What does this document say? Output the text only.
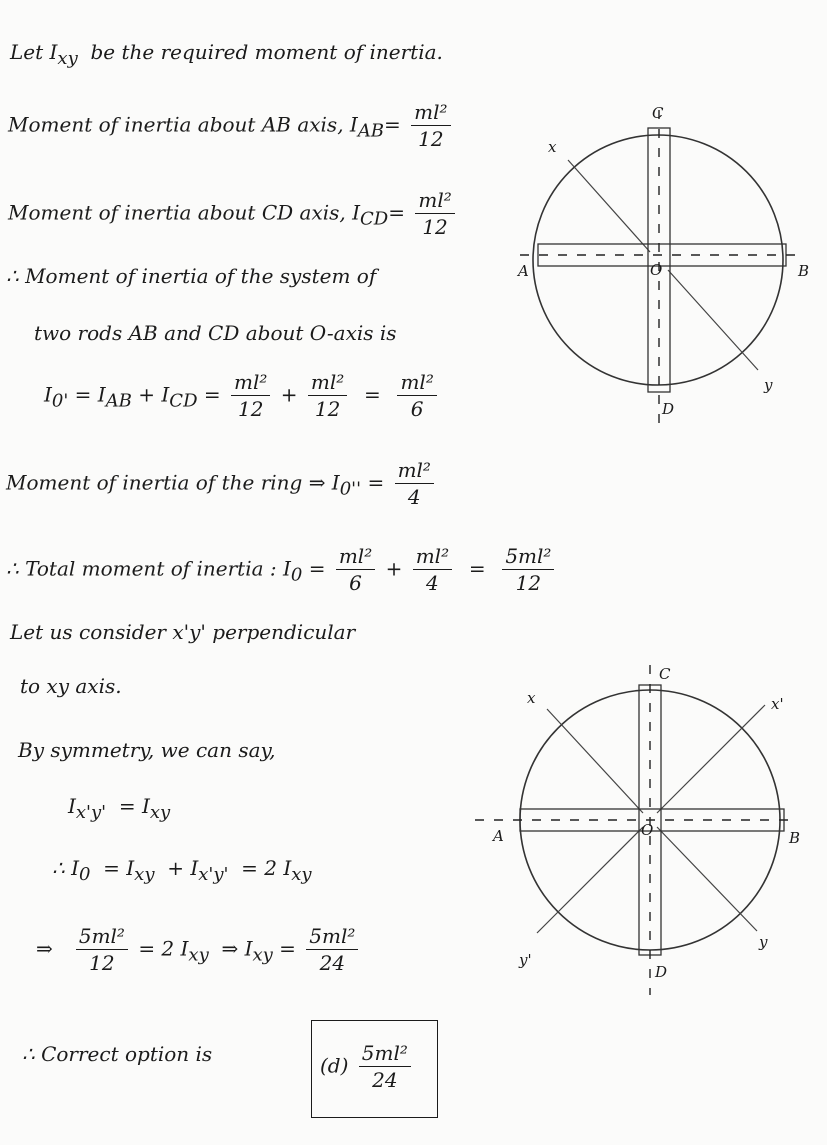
Let $I_{xy}$ be the required moment of inertia.
Moment of inertia about AB axis, $I_{AB}= \frac{\text{ml²}}{12}$
Moment of inertia about CD axis, $I_{CD}= \frac{\text{ml²}}{12}$
∴ Moment of inertia of the system of
two rods AB and CD about O-axis is
$I_{0'} = I_{AB} + I_{CD} = \frac{\text{ml²}}{12} + \frac{\text{ml²}}{12} = \frac{\text{ml²}}{6}$
Moment of inertia of the ring ⇒ $I_{0''} = \frac{\text{ml²}}{4}$
∴ Total moment of inertia : $I_0 = \frac{\text{ml²}}{6} + \frac{\text{ml²}}{4} = \frac{\text{5ml²}}{12}$
Let us consider x'y' perpendicular
to xy axis.
By symmetry, we can say,
$I_{x'y'} = I_{xy}$
∴ $I_0 = I_{xy} + I_{x'y'} = 2$ $I_{xy}$
⇒ $\frac{\text{5ml²}}{12} = 2$ $I_{xy}$ ⇒ $I_{xy} = \frac{\text{5ml²}}{24}$
∴ Correct option is	$(d) \frac{\text{5ml²}}{24}$
C
D
A	B
O
x
y
C
D
A	B
O
x
y
x'
y'
